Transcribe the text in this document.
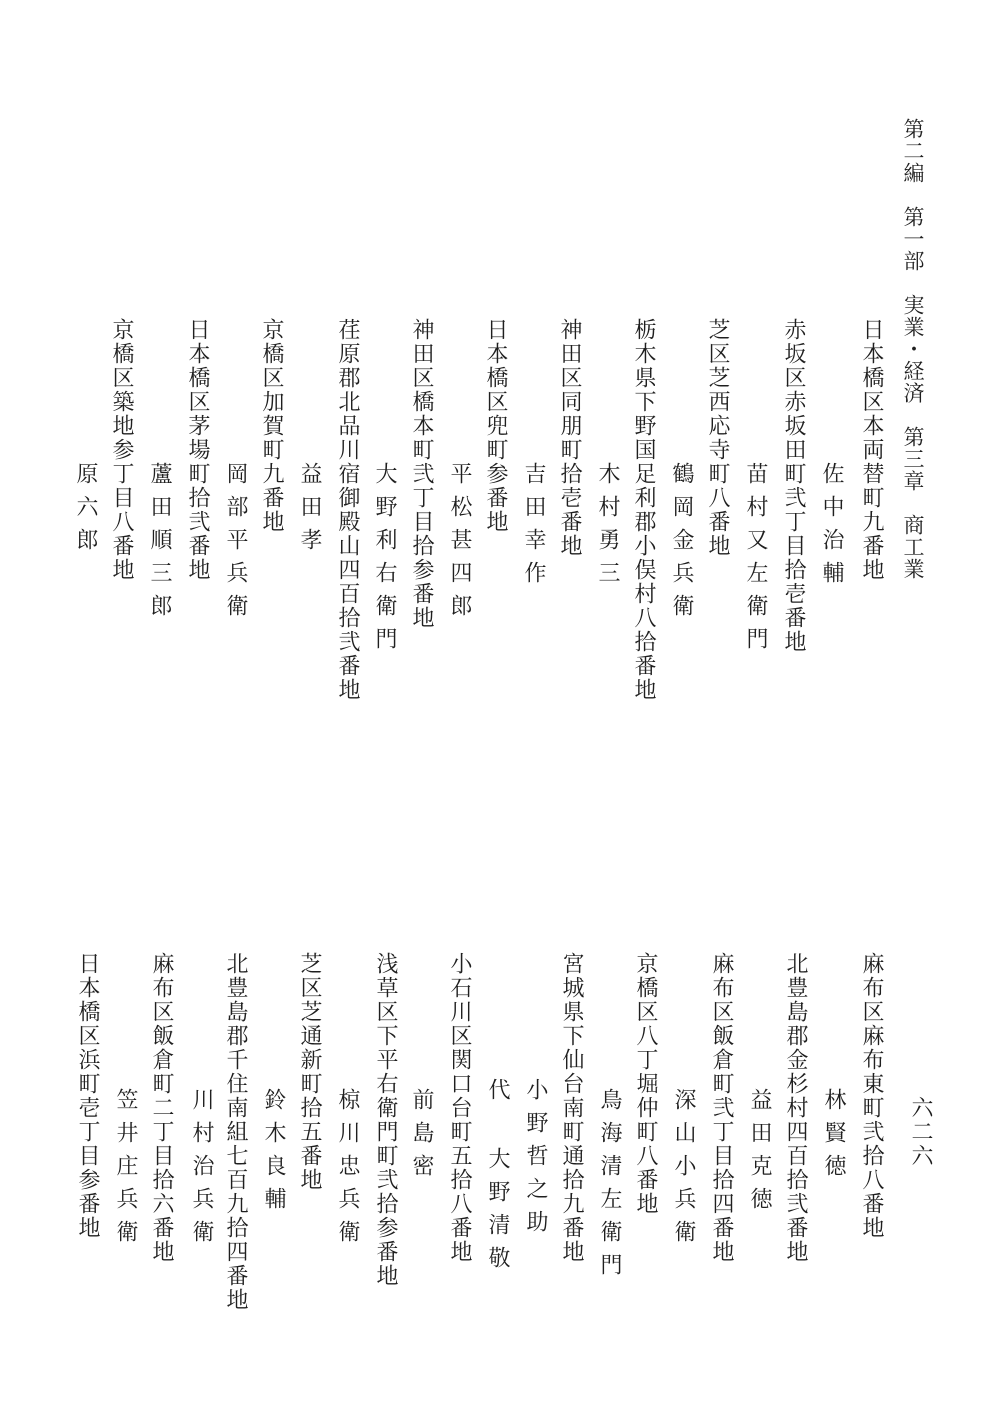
第二編　第一部　実業・経済　第三章　商工業
六二六
日本橋区本両替町九番地
佐中治輔
赤坂区赤坂田町弐丁目拾壱番地
苗村又左衛門
芝区芝西応寺町八番地
鶴岡金兵衛
栃木県下野国足利郡小俣村八拾番地
木村勇三
神田区同朋町拾壱番地
吉田幸作
日本橋区兜町参番地
平松甚四郎
神田区橋本町弐丁目拾参番地
大野利右衛門
荏原郡北品川宿御殿山四百拾弐番地
益田孝
京橋区加賀町九番地
岡部平兵衛
日本橋区茅場町拾弐番地
蘆田順三郎
京橋区築地参丁目八番地
原六郎
麻布区麻布東町弐拾八番地
林賢徳
北豊島郡金杉村四百拾弐番地
益田克徳
麻布区飯倉町弐丁目拾四番地
深山小兵衛
京橋区八丁堀仲町八番地
鳥海清左衛門
宮城県下仙台南町通拾九番地
小野哲之助
代 大野清敬
小石川区関口台町五拾八番地
前島密
浅草区下平右衛門町弐拾参番地
椋川忠兵衛
芝区芝通新町拾五番地
鈴木良輔
北豊島郡千住南組七百九拾四番地
川村治兵衛
麻布区飯倉町二丁目拾六番地
笠井庄兵衛
日本橋区浜町壱丁目参番地
